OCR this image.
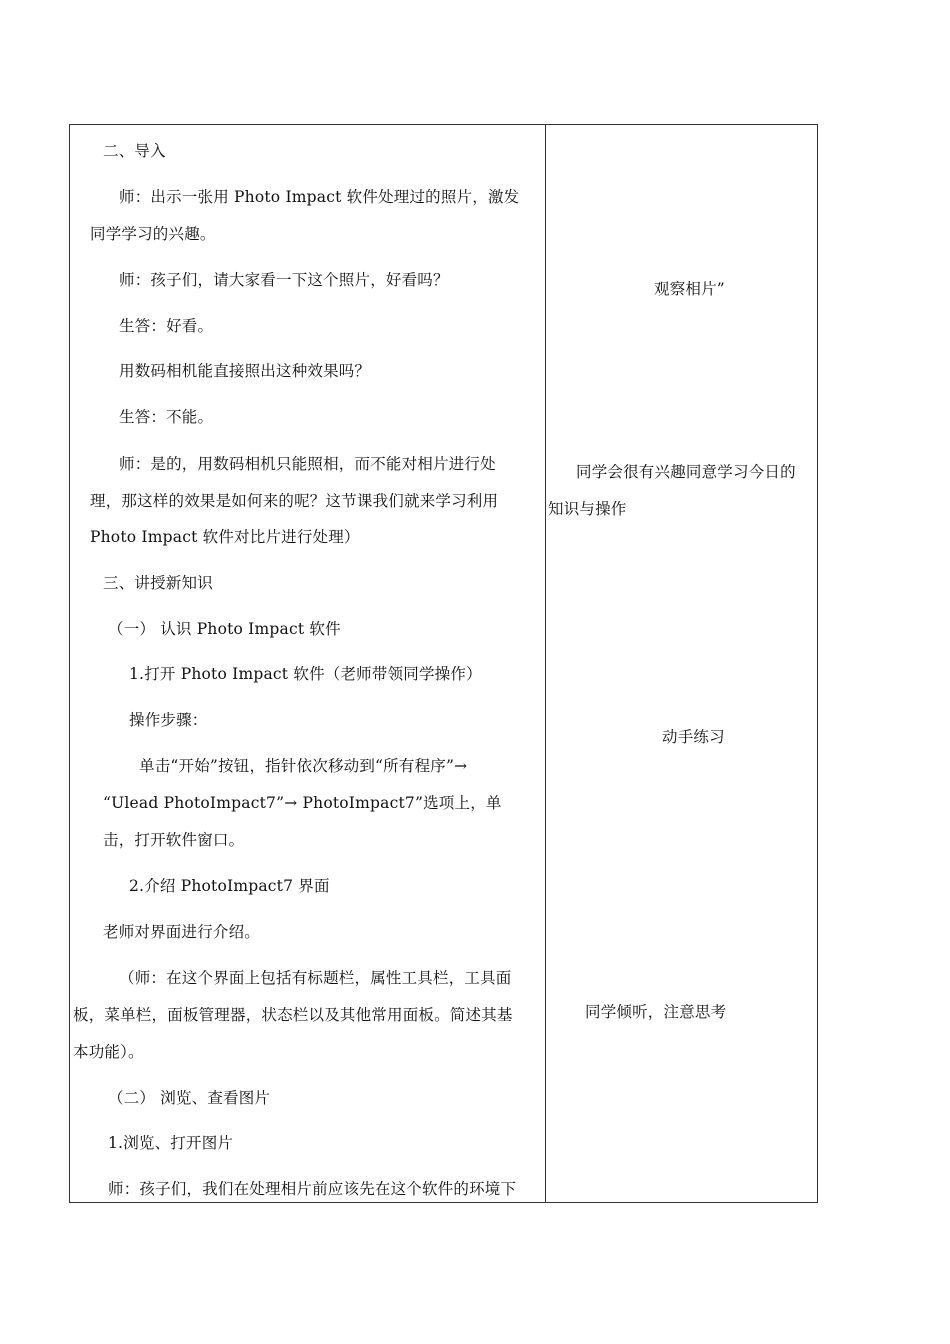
二、导入
师：出示一张用 Photo Impact 软件处理过的照片，激发
同学学习的兴趣。
师：孩子们，请大家看一下这个照片，好看吗？
生答：好看。
用数码相机能直接照出这种效果吗？
生答：不能。
师：是的，用数码相机只能照相，而不能对相片进行处
理，那这样的效果是如何来的呢？这节课我们就来学习利用
Photo Impact 软件对比片进行处理）
三、讲授新知识
（一） 认识 Photo Impact 软件
1.打开 Photo Impact 软件（老师带领同学操作）
操作步骤：
单击“开始”按钮，指针依次移动到“所有程序”→
“Ulead PhotoImpact7”→ PhotoImpact7”选项上，单
击，打开软件窗口。
2.介绍 PhotoImpact7 界面
老师对界面进行介绍。
（师：在这个界面上包括有标题栏，属性工具栏，工具面
板，菜单栏，面板管理器，状态栏以及其他常用面板。简述其基
本功能）。
（二） 浏览、查看图片
1.浏览、打开图片
师：孩子们，我们在处理相片前应该先在这个软件的环境下
观察相片”
同学会很有兴趣同意学习今日的
知识与操作
动手练习
同学倾听，注意思考
